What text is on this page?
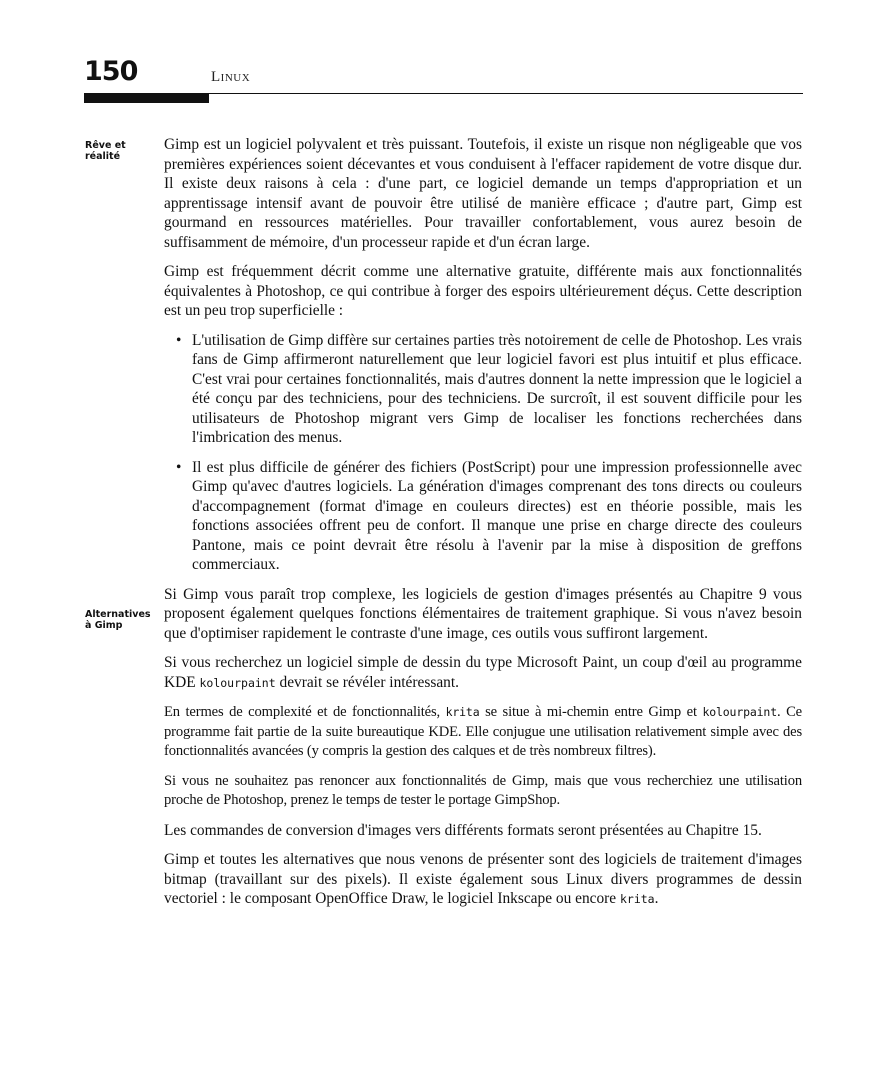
150	Linux
Rêve et réalité
Alternatives à Gimp

Gimp est un logiciel polyvalent et très puissant. Toutefois, il existe un risque non négligeable que vos premières expériences soient décevantes et vous conduisent à l'effacer rapidement de votre disque dur. Il existe deux raisons à cela : d'une part, ce logiciel demande un temps d'appropriation et un apprentissage intensif avant de pouvoir être utilisé de manière efficace ; d'autre part, Gimp est gourmand en ressources matérielles. Pour travailler confortablement, vous aurez besoin de suffisamment de mémoire, d'un processeur rapide et d'un écran large.

Gimp est fréquemment décrit comme une alternative gratuite, différente mais aux fonctionnalités équivalentes à Photoshop, ce qui contribue à forger des espoirs ultérieurement déçus. Cette description est un peu trop superficielle :

• L'utilisation de Gimp diffère sur certaines parties très notoirement de celle de Photoshop. Les vrais fans de Gimp affirmeront naturellement que leur logiciel favori est plus intuitif et plus efficace. C'est vrai pour certaines fonctionnalités, mais d'autres donnent la nette impression que le logiciel a été conçu par des techniciens, pour des techniciens. De surcroît, il est souvent difficile pour les utilisateurs de Photoshop migrant vers Gimp de localiser les fonctions recherchées dans l'imbrication des menus.
• Il est plus difficile de générer des fichiers (PostScript) pour une impression professionnelle avec Gimp qu'avec d'autres logiciels. La génération d'images comprenant des tons directs ou couleurs d'accompagnement (format d'image en couleurs directes) est en théorie possible, mais les fonctions associées offrent peu de confort. Il manque une prise en charge directe des couleurs Pantone, mais ce point devrait être résolu à l'avenir par la mise à disposition de greffons commerciaux.

Si Gimp vous paraît trop complexe, les logiciels de gestion d'images présentés au Chapitre 9 vous proposent également quelques fonctions élémentaires de traitement graphique. Si vous n'avez besoin que d'optimiser rapidement le contraste d'une image, ces outils vous suffiront largement.

Si vous recherchez un logiciel simple de dessin du type Microsoft Paint, un coup d'œil au programme KDE kolourpaint devrait se révéler intéressant.

En termes de complexité et de fonctionnalités, krita se situe à mi-chemin entre Gimp et kolourpaint. Ce programme fait partie de la suite bureautique KDE. Elle conjugue une utilisation relativement simple avec des fonctionnalités avancées (y compris la gestion des calques et de très nombreux filtres).

Si vous ne souhaitez pas renoncer aux fonctionnalités de Gimp, mais que vous recherchiez une utilisation proche de Photoshop, prenez le temps de tester le portage GimpShop.

Les commandes de conversion d'images vers différents formats seront présentées au Chapitre 15.

Gimp et toutes les alternatives que nous venons de présenter sont des logiciels de traitement d'images bitmap (travaillant sur des pixels). Il existe également sous Linux divers programmes de dessin vectoriel : le composant OpenOffice Draw, le logiciel Inkscape ou encore krita.
